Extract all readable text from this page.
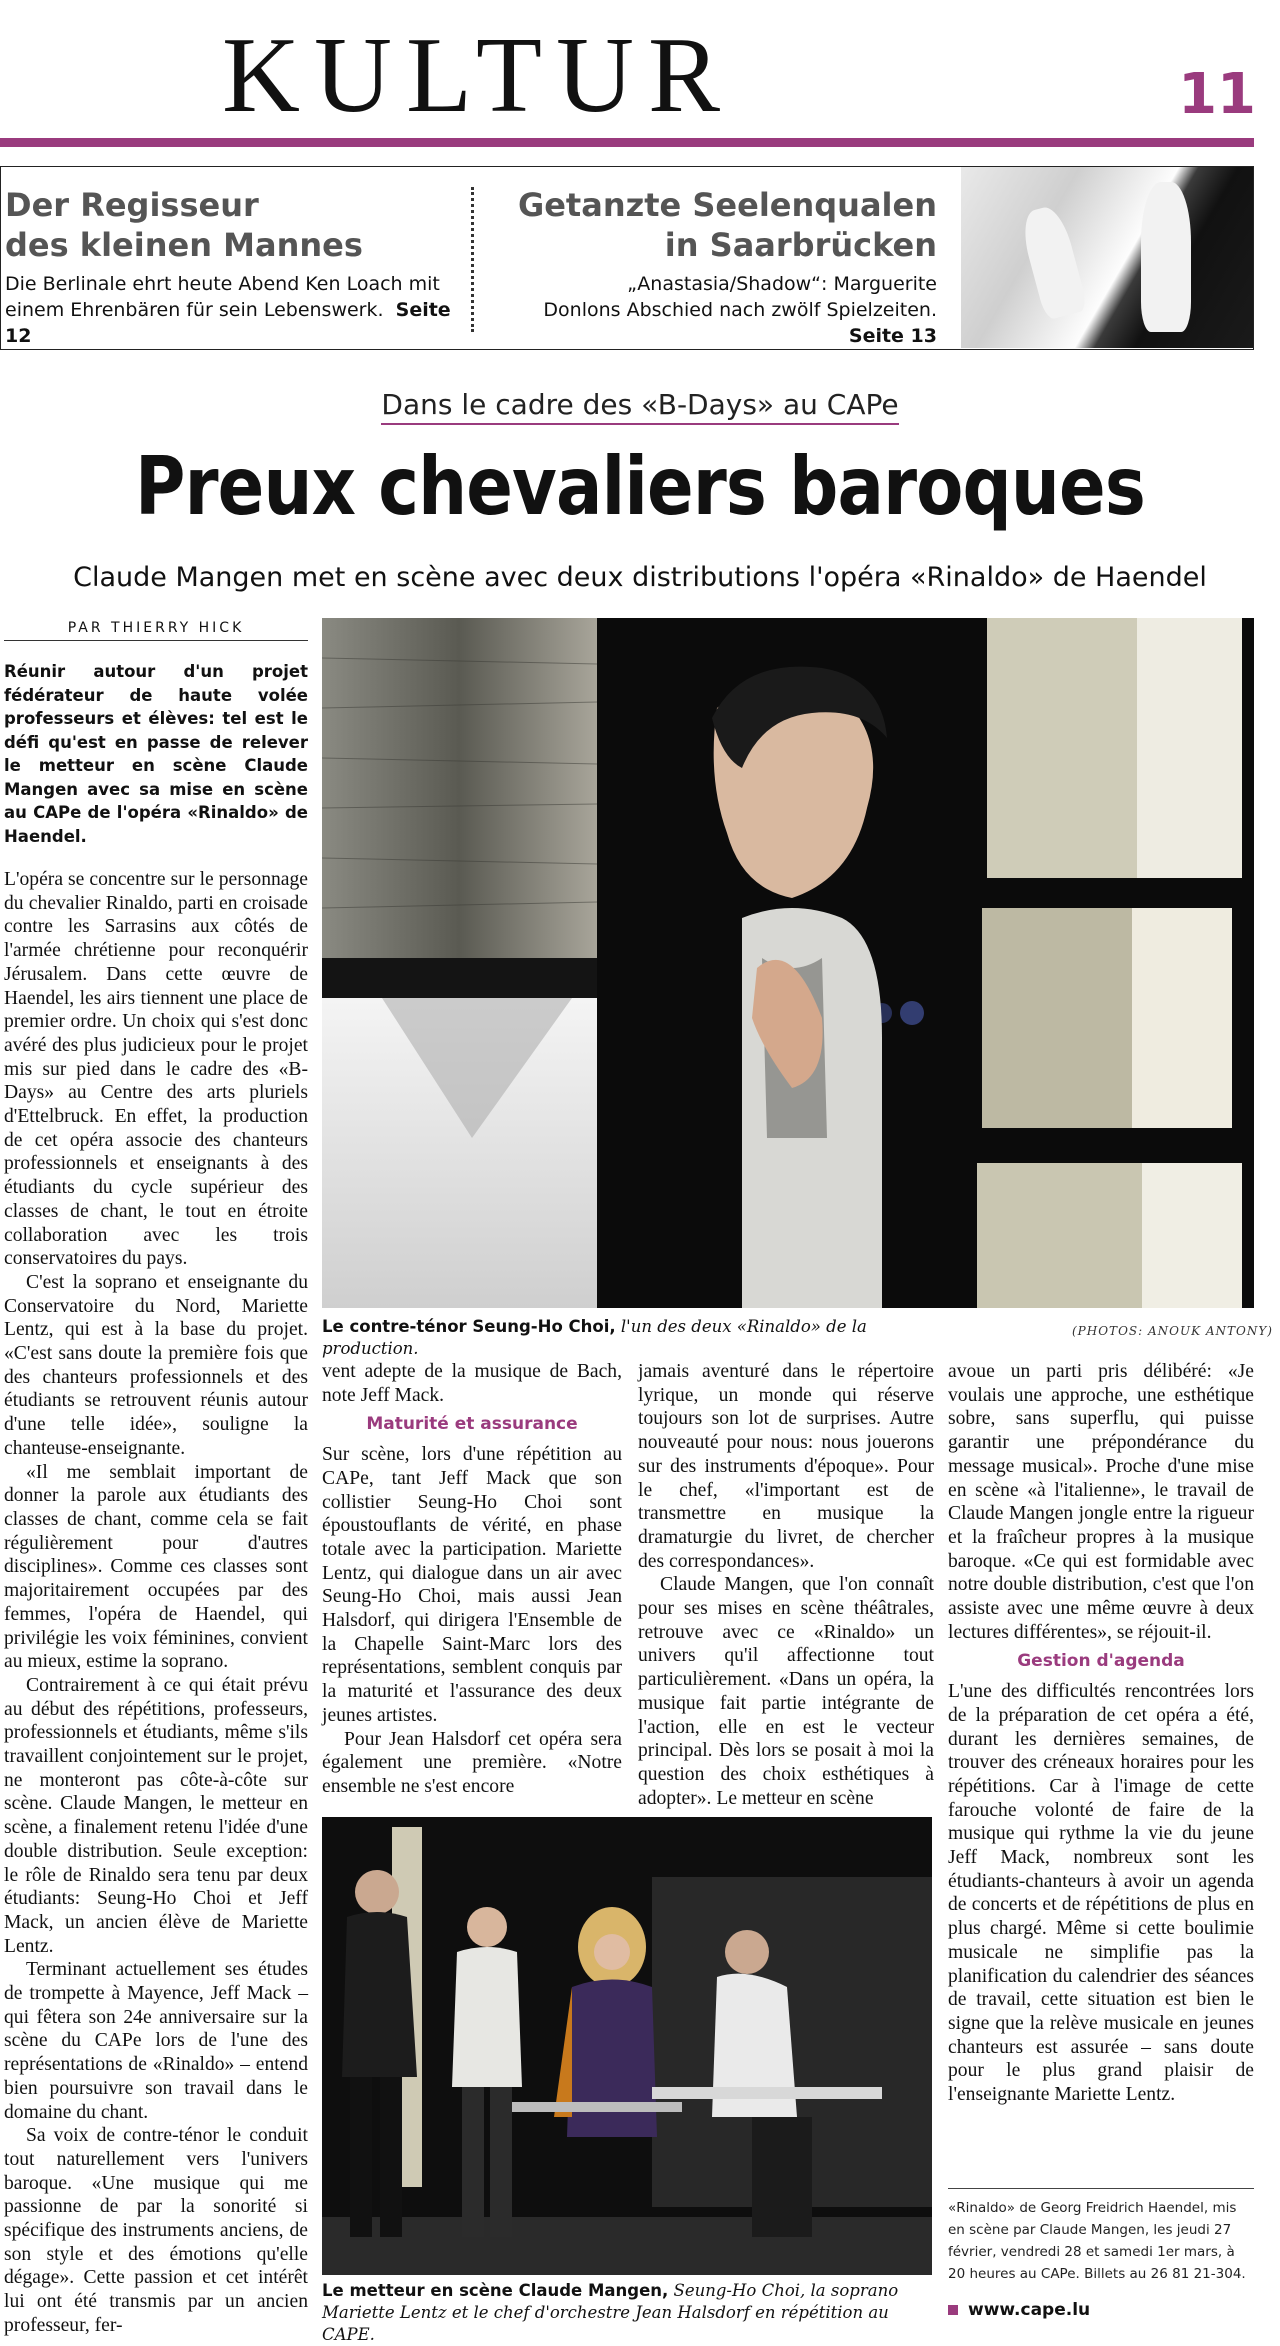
KULTUR	11
Der Regisseur
des kleinen Mannes
Die Berlinale ehrt heute Abend Ken Loach mit einem Ehrenbären für sein Lebenswerk. Seite 12
Getanzte Seelenqualen
in Saarbrücken
„Anastasia/Shadow“: Marguerite
Donlons Abschied nach zwölf Spielzeiten.  Seite 13
Dans le cadre des «B-Days» au CAPe
Preux chevaliers baroques
Claude Mangen met en scène avec deux distributions l'opéra «Rinaldo» de Haendel
PAR THIERRY HICK

Réunir autour d'un projet fédérateur de haute volée professeurs et élèves: tel est le défi qu'est en passe de relever le metteur en scène Claude Mangen avec sa mise en scène au CAPe de l'opéra «Rinaldo» de Haendel.

L'opéra se concentre sur le personnage du chevalier Rinaldo, parti en croisade contre les Sarrasins aux côtés de l'armée chrétienne pour reconquérir Jérusalem. Dans cette œuvre de Haendel, les airs tiennent une place de premier ordre. Un choix qui s'est donc avéré des plus judicieux pour le projet mis sur pied dans le cadre des «B-Days» au Centre des arts pluriels d'Ettelbruck. En effet, la production de cet opéra associe des chanteurs professionnels et enseignants à des étudiants du cycle supérieur des classes de chant, le tout en étroite collaboration avec les trois conservatoires du pays.

C'est la soprano et enseignante du Conservatoire du Nord, Mariette Lentz, qui est à la base du projet. «C'est sans doute la première fois que des chanteurs professionnels et des étudiants se retrouvent réunis autour d'une telle idée», souligne la chanteuse-enseignante.

«Il me semblait important de donner la parole aux étudiants des classes de chant, comme cela se fait régulièrement pour d'autres disciplines». Comme ces classes sont majoritairement occupées par des femmes, l'opéra de Haendel, qui privilégie les voix féminines, convient au mieux, estime la soprano.

Contrairement à ce qui était prévu au début des répétitions, professeurs, professionnels et étudiants, même s'ils travaillent conjointement sur le projet, ne monteront pas côte-à-côte sur scène. Claude Mangen, le metteur en scène, a finalement retenu l'idée d'une double distribution. Seule exception: le rôle de Rinaldo sera tenu par deux étudiants: Seung-Ho Choi et Jeff Mack, un ancien élève de Mariette Lentz.

Terminant actuellement ses études de trompette à Mayence, Jeff Mack – qui fêtera son 24e anniversaire sur la scène du CAPe lors de l'une des représentations de «Rinaldo» – entend bien poursuivre son travail dans le domaine du chant.

Sa voix de contre-ténor le conduit tout naturellement vers l'univers baroque. «Une musique qui me passionne de par la sonorité si spécifique des instruments anciens, de son style et des émotions qu'elle dégage». Cette passion et cet intérêt lui ont été transmis par un ancien professeur, fer-

Le contre-ténor Seung-Ho Choi, l'un des deux «Rinaldo» de la production.
(PHOTOS: ANOUK ANTONY)

vent adepte de la musique de Bach, note Jeff Mack.

Maturité et assurance

Sur scène, lors d'une répétition au CAPe, tant Jeff Mack que son collistier Seung-Ho Choi sont époustouflants de vérité, en phase totale avec la participation. Mariette Lentz, qui dialogue dans un air avec Seung-Ho Choi, mais aussi Jean Halsdorf, qui dirigera l'Ensemble de la Chapelle Saint-Marc lors des représentations, semblent conquis par la maturité et l'assurance des deux jeunes artistes.

Pour Jean Halsdorf cet opéra sera également une première. «Notre ensemble ne s'est encore

jamais aventuré dans le répertoire lyrique, un monde qui réserve toujours son lot de surprises. Autre nouveauté pour nous: nous jouerons sur des instruments d'époque». Pour le chef, «l'important est de transmettre en musique la dramaturgie du livret, de chercher des correspondances».

Claude Mangen, que l'on connaît pour ses mises en scène théâtrales, retrouve avec ce «Rinaldo» un univers qu'il affectionne tout particulièrement. «Dans un opéra, la musique fait partie intégrante de l'action, elle en est le vecteur principal. Dès lors se posait à moi la question des choix esthétiques à adopter». Le metteur en scène

avoue un parti pris délibéré: «Je voulais une approche, une esthétique sobre, sans superflu, qui puisse garantir une prépondérance du message musical». Proche d'une mise en scène «à l'italienne», le travail de Claude Mangen jongle entre la rigueur et la fraîcheur propres à la musique baroque. «Ce qui est formidable avec notre double distribution, c'est que l'on assiste avec une même œuvre à deux lectures différentes», se réjouit-il.

Gestion d'agenda

L'une des difficultés rencontrées lors de la préparation de cet opéra a été, durant les dernières semaines, de trouver des créneaux horaires pour les répétitions. Car à l'image de cette farouche volonté de faire de la musique qui rythme la vie du jeune Jeff Mack, nombreux sont les étudiants-chanteurs à avoir un agenda de concerts et de répétitions de plus en plus chargé. Même si cette boulimie musicale ne simplifie pas la planification du calendrier des séances de travail, cette situation est bien le signe que la relève musicale en jeunes chanteurs est assurée – sans doute pour le plus grand plaisir de l'enseignante Mariette Lentz.

Le metteur en scène Claude Mangen, Seung-Ho Choi, la soprano Mariette Lentz et le chef d'orchestre Jean Halsdorf en répétition au CAPE.
«Rinaldo» de Georg Freidrich Haendel, mis en scène par Claude Mangen, les jeudi 27 février, vendredi 28 et samedi 1er mars, à 20 heures au CAPe. Billets au 26 81 21-304.
www.cape.lu
